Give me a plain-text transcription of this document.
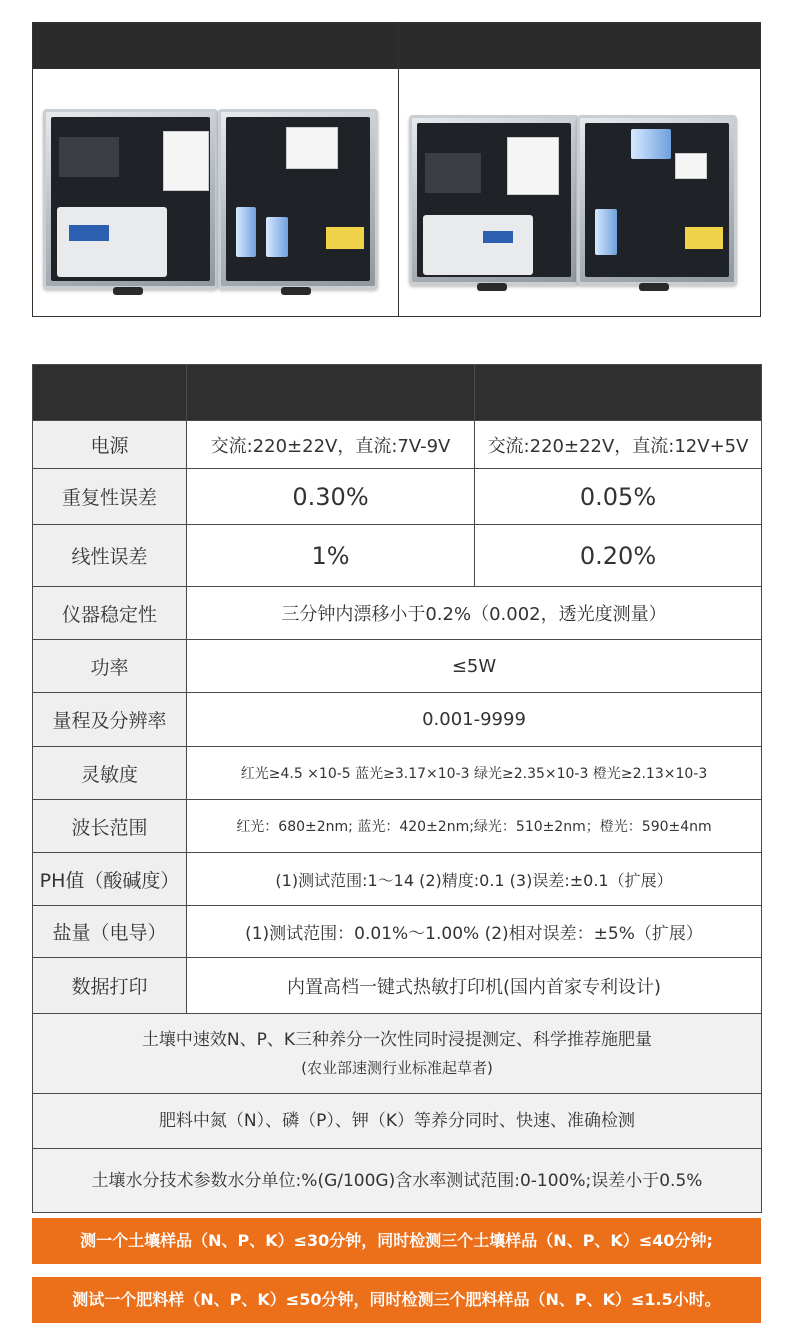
电源	交流:220±22V，直流:7V-9V	交流:220±22V，直流:12V+5V
重复性误差	0.30%	0.05%
线性误差	1%	0.20%
仪器稳定性	三分钟内漂移小于0.2%（0.002，透光度测量）	
功率	≤5W	
量程及分辨率	0.001-9999	
灵敏度	红光≥4.5 ×10-5 蓝光≥3.17×10-3 绿光≥2.35×10-3 橙光≥2.13×10-3	
波长范围	红光：680±2nm; 蓝光：420±2nm;绿光：510±2nm；橙光：590±4nm	
PH值（酸碱度）	(1)测试范围:1～14 (2)精度:0.1 (3)误差:±0.1（扩展）	
盐量（电导）	(1)测试范围：0.01%～1.00% (2)相对误差：±5%（扩展）	
数据打印	内置高档一键式热敏打印机(国内首家专利设计)	

土壤中速效N、P、K三种养分一次性同时浸提测定、科学推荐施肥量
(农业部速测行业标准起草者)		

肥料中氮（N）、磷（P）、钾（K）等养分同时、快速、准确检测		
土壤水分技术参数水分单位:%(G/100G)含水率测试范围:0-100%;误差小于0.5%		
测一个土壤样品（N、P、K）≤30分钟，同时检测三个土壤样品（N、P、K）≤40分钟;
测试一个肥料样（N、P、K）≤50分钟，同时检测三个肥料样品（N、P、K）≤1.5小时。
